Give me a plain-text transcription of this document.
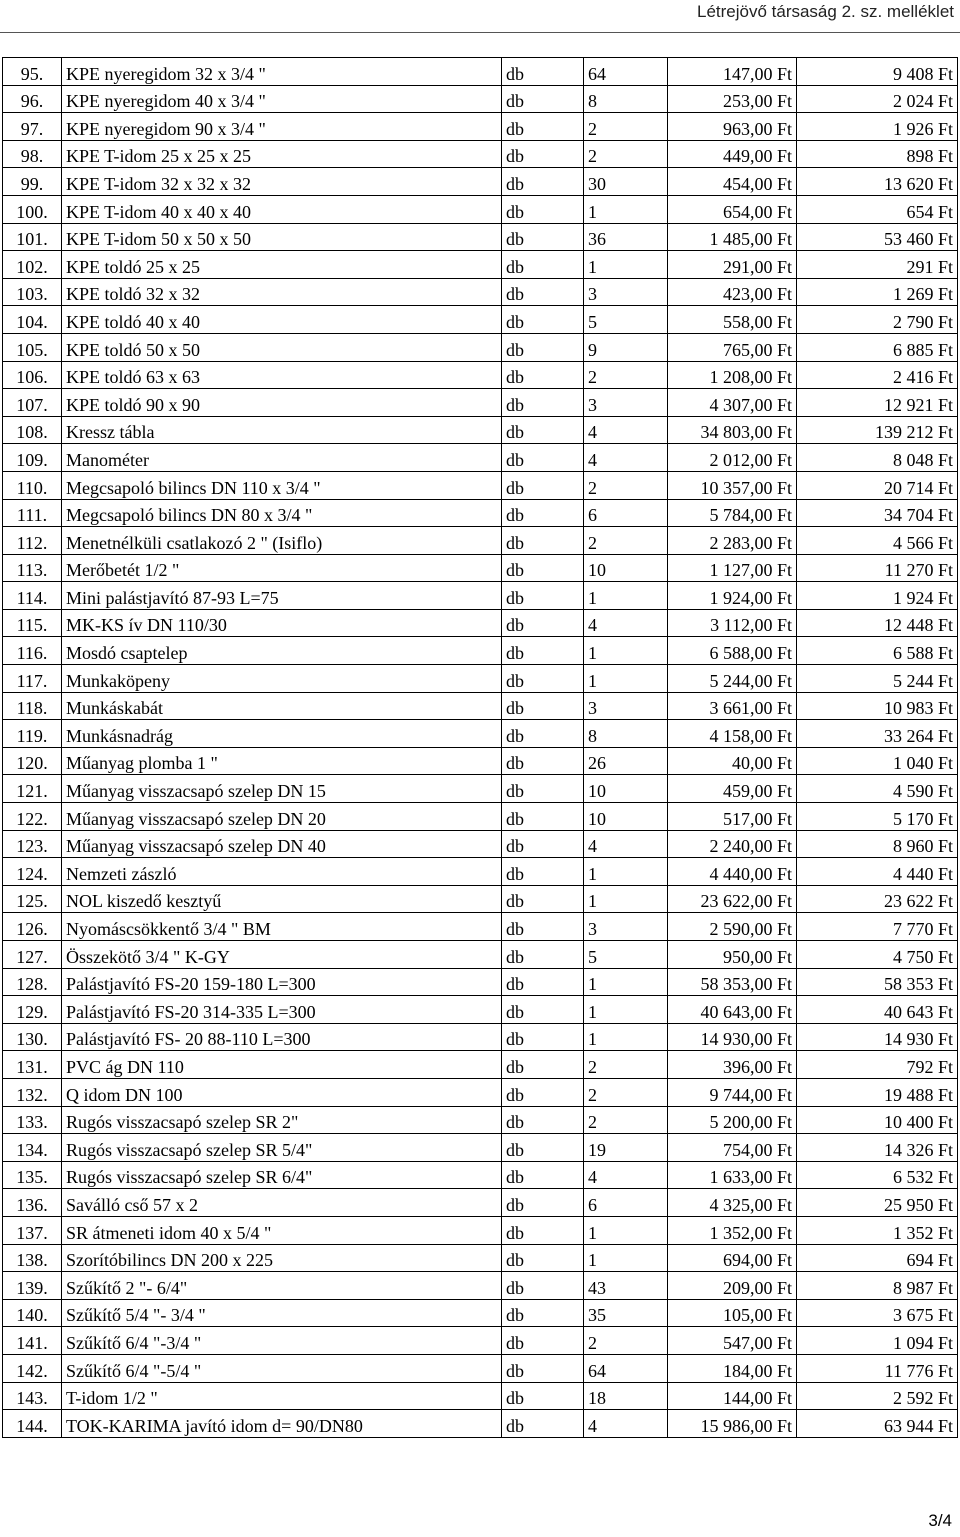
Létrejövő társaság 2. sz. melléklet
95.	KPE nyeregidom 32 x 3/4 "	db	64	147,00 Ft	9 408 Ft
96.	KPE nyeregidom 40 x 3/4 "	db	8	253,00 Ft	2 024 Ft
97.	KPE nyeregidom 90 x 3/4 "	db	2	963,00 Ft	1 926 Ft
98.	KPE T-idom 25 x 25 x 25	db	2	449,00 Ft	898 Ft
99.	KPE T-idom 32 x 32 x 32	db	30	454,00 Ft	13 620 Ft
100.	KPE T-idom 40 x 40 x 40	db	1	654,00 Ft	654 Ft
101.	KPE T-idom 50 x 50 x 50	db	36	1 485,00 Ft	53 460 Ft
102.	KPE toldó 25 x 25	db	1	291,00 Ft	291 Ft
103.	KPE toldó 32 x 32	db	3	423,00 Ft	1 269 Ft
104.	KPE toldó 40 x 40	db	5	558,00 Ft	2 790 Ft
105.	KPE toldó 50 x 50	db	9	765,00 Ft	6 885 Ft
106.	KPE toldó 63 x 63	db	2	1 208,00 Ft	2 416 Ft
107.	KPE toldó 90 x 90	db	3	4 307,00 Ft	12 921 Ft
108.	Kressz tábla	db	4	34 803,00 Ft	139 212 Ft
109.	Manométer	db	4	2 012,00 Ft	8 048 Ft
110.	Megcsapoló bilincs DN 110 x 3/4 "	db	2	10 357,00 Ft	20 714 Ft
111.	Megcsapoló bilincs DN 80 x 3/4 "	db	6	5 784,00 Ft	34 704 Ft
112.	Menetnélküli csatlakozó 2 " (Isiflo)	db	2	2 283,00 Ft	4 566 Ft
113.	Merőbetét 1/2 "	db	10	1 127,00 Ft	11 270 Ft
114.	Mini palástjavító 87-93 L=75	db	1	1 924,00 Ft	1 924 Ft
115.	MK-KS ív DN 110/30	db	4	3 112,00 Ft	12 448 Ft
116.	Mosdó csaptelep	db	1	6 588,00 Ft	6 588 Ft
117.	Munkaköpeny	db	1	5 244,00 Ft	5 244 Ft
118.	Munkáskabát	db	3	3 661,00 Ft	10 983 Ft
119.	Munkásnadrág	db	8	4 158,00 Ft	33 264 Ft
120.	Műanyag plomba 1 "	db	26	40,00 Ft	1 040 Ft
121.	Műanyag visszacsapó szelep DN 15	db	10	459,00 Ft	4 590 Ft
122.	Műanyag visszacsapó szelep DN 20	db	10	517,00 Ft	5 170 Ft
123.	Műanyag visszacsapó szelep DN 40	db	4	2 240,00 Ft	8 960 Ft
124.	Nemzeti zászló	db	1	4 440,00 Ft	4 440 Ft
125.	NOL kiszedő kesztyű	db	1	23 622,00 Ft	23 622 Ft
126.	Nyomáscsökkentő 3/4 " BM	db	3	2 590,00 Ft	7 770 Ft
127.	Összekötő 3/4 " K-GY	db	5	950,00 Ft	4 750 Ft
128.	Palástjavító FS-20 159-180 L=300	db	1	58 353,00 Ft	58 353 Ft
129.	Palástjavító FS-20 314-335 L=300	db	1	40 643,00 Ft	40 643 Ft
130.	Palástjavító FS- 20 88-110 L=300	db	1	14 930,00 Ft	14 930 Ft
131.	PVC ág DN 110	db	2	396,00 Ft	792 Ft
132.	Q idom DN 100	db	2	9 744,00 Ft	19 488 Ft
133.	Rugós visszacsapó szelep SR 2"	db	2	5 200,00 Ft	10 400 Ft
134.	Rugós visszacsapó szelep SR 5/4"	db	19	754,00 Ft	14 326 Ft
135.	Rugós visszacsapó szelep SR 6/4"	db	4	1 633,00 Ft	6 532 Ft
136.	Saválló cső 57 x 2	db	6	4 325,00 Ft	25 950 Ft
137.	SR átmeneti idom 40 x 5/4 "	db	1	1 352,00 Ft	1 352 Ft
138.	Szorítóbilincs DN 200 x 225	db	1	694,00 Ft	694 Ft
139.	Szűkítő 2 "- 6/4"	db	43	209,00 Ft	8 987 Ft
140.	Szűkítő 5/4 "- 3/4 "	db	35	105,00 Ft	3 675 Ft
141.	Szűkítő 6/4 "-3/4 "	db	2	547,00 Ft	1 094 Ft
142.	Szűkítő 6/4 "-5/4 "	db	64	184,00 Ft	11 776 Ft
143.	T-idom 1/2 "	db	18	144,00 Ft	2 592 Ft
144.	TOK-KARIMA javító idom d= 90/DN80	db	4	15 986,00 Ft	63 944 Ft
3/4
